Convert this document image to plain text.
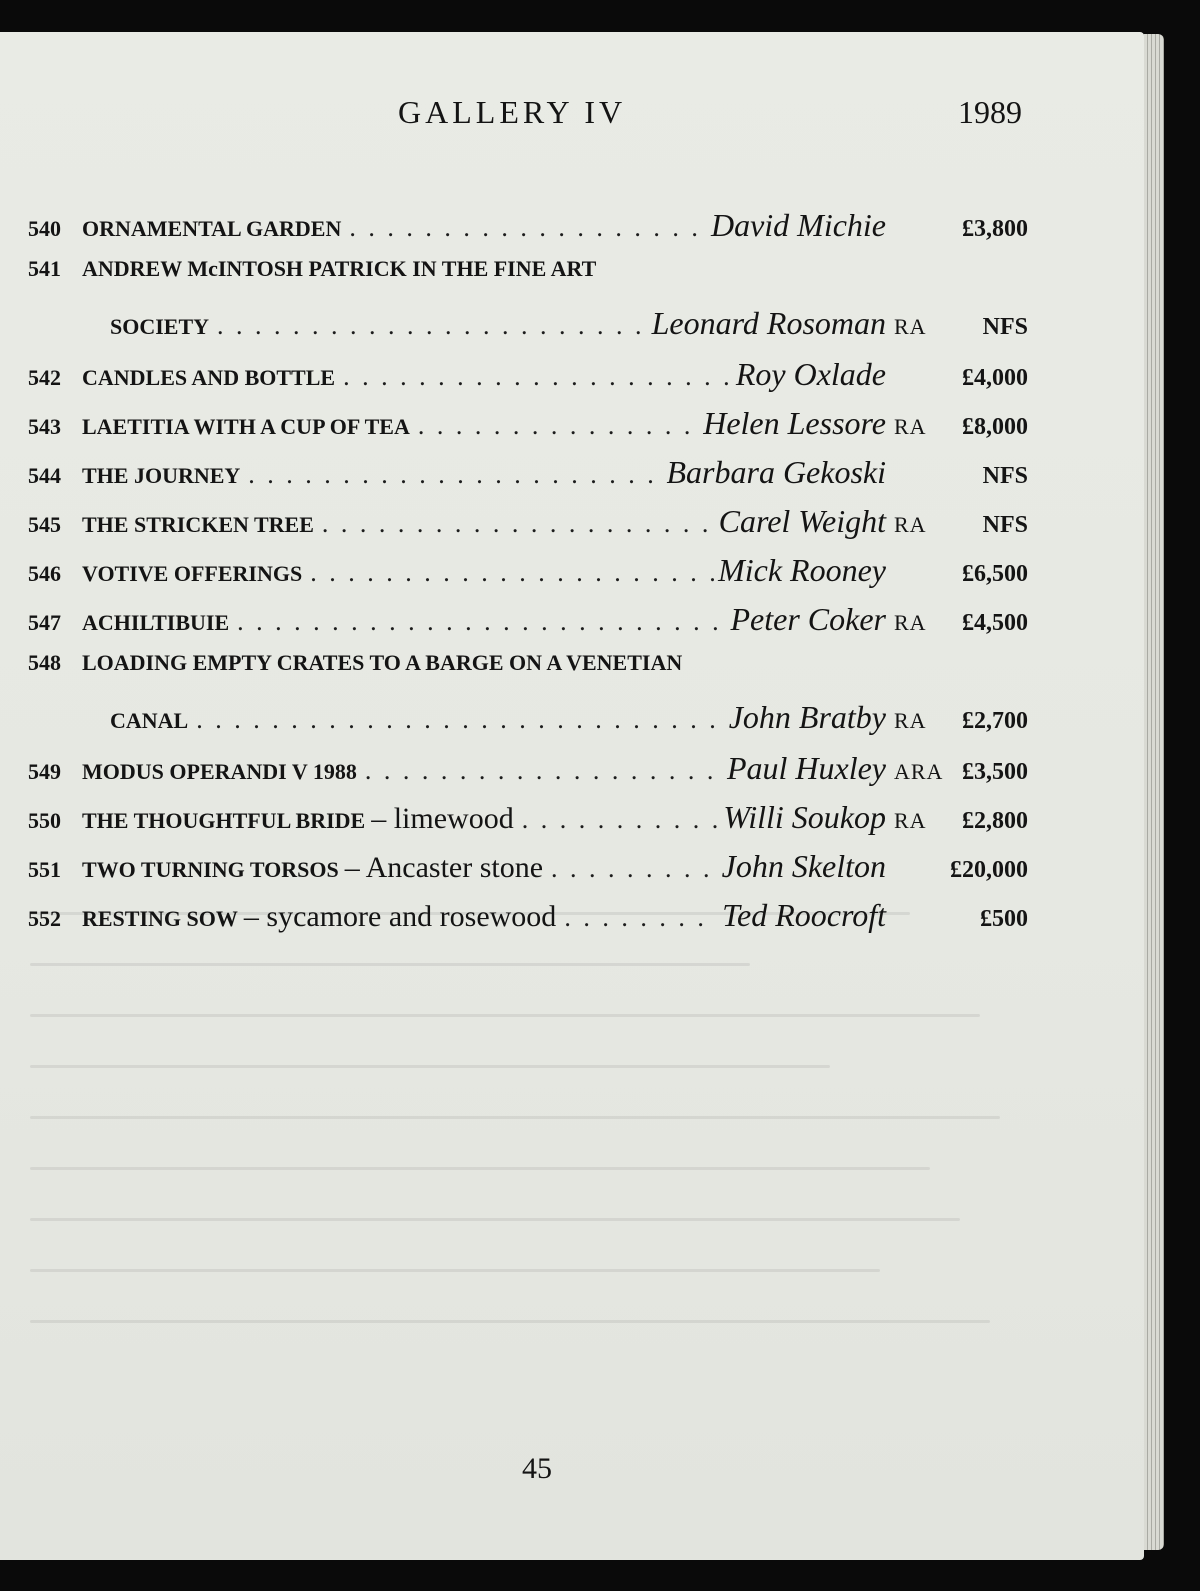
GALLERY IV	1989
540 ORNAMENTAL GARDEN . . .	David Michie	£3,800
541 ANDREW McINTOSH PATRICK IN THE FINE ART
SOCIETY . . .	Leonard Rosoman RA	NFS
542 CANDLES AND BOTTLE . . .	Roy Oxlade	£4,000
543 LAETITIA WITH A CUP OF TEA . . .	Helen Lessore RA	£8,000
544 THE JOURNEY . . .	Barbara Gekoski	NFS
545 THE STRICKEN TREE . . .	Carel Weight RA	NFS
546 VOTIVE OFFERINGS . . .	Mick Rooney	£6,500
547 ACHILTIBUIE . . .	Peter Coker RA	£4,500
548 LOADING EMPTY CRATES TO A BARGE ON A VENETIAN
CANAL . . .	John Bratby RA	£2,700
549 MODUS OPERANDI V 1988 . . .	Paul Huxley ARA £3,500
550 THE THOUGHTFUL BRIDE – limewood . . .	Willi Soukop RA	£2,800
551 TWO TURNING TORSOS – Ancaster stone . . .	John Skelton	£20,000
552 RESTING SOW – sycamore and rosewood . . .	Ted Roocroft	£500
45
